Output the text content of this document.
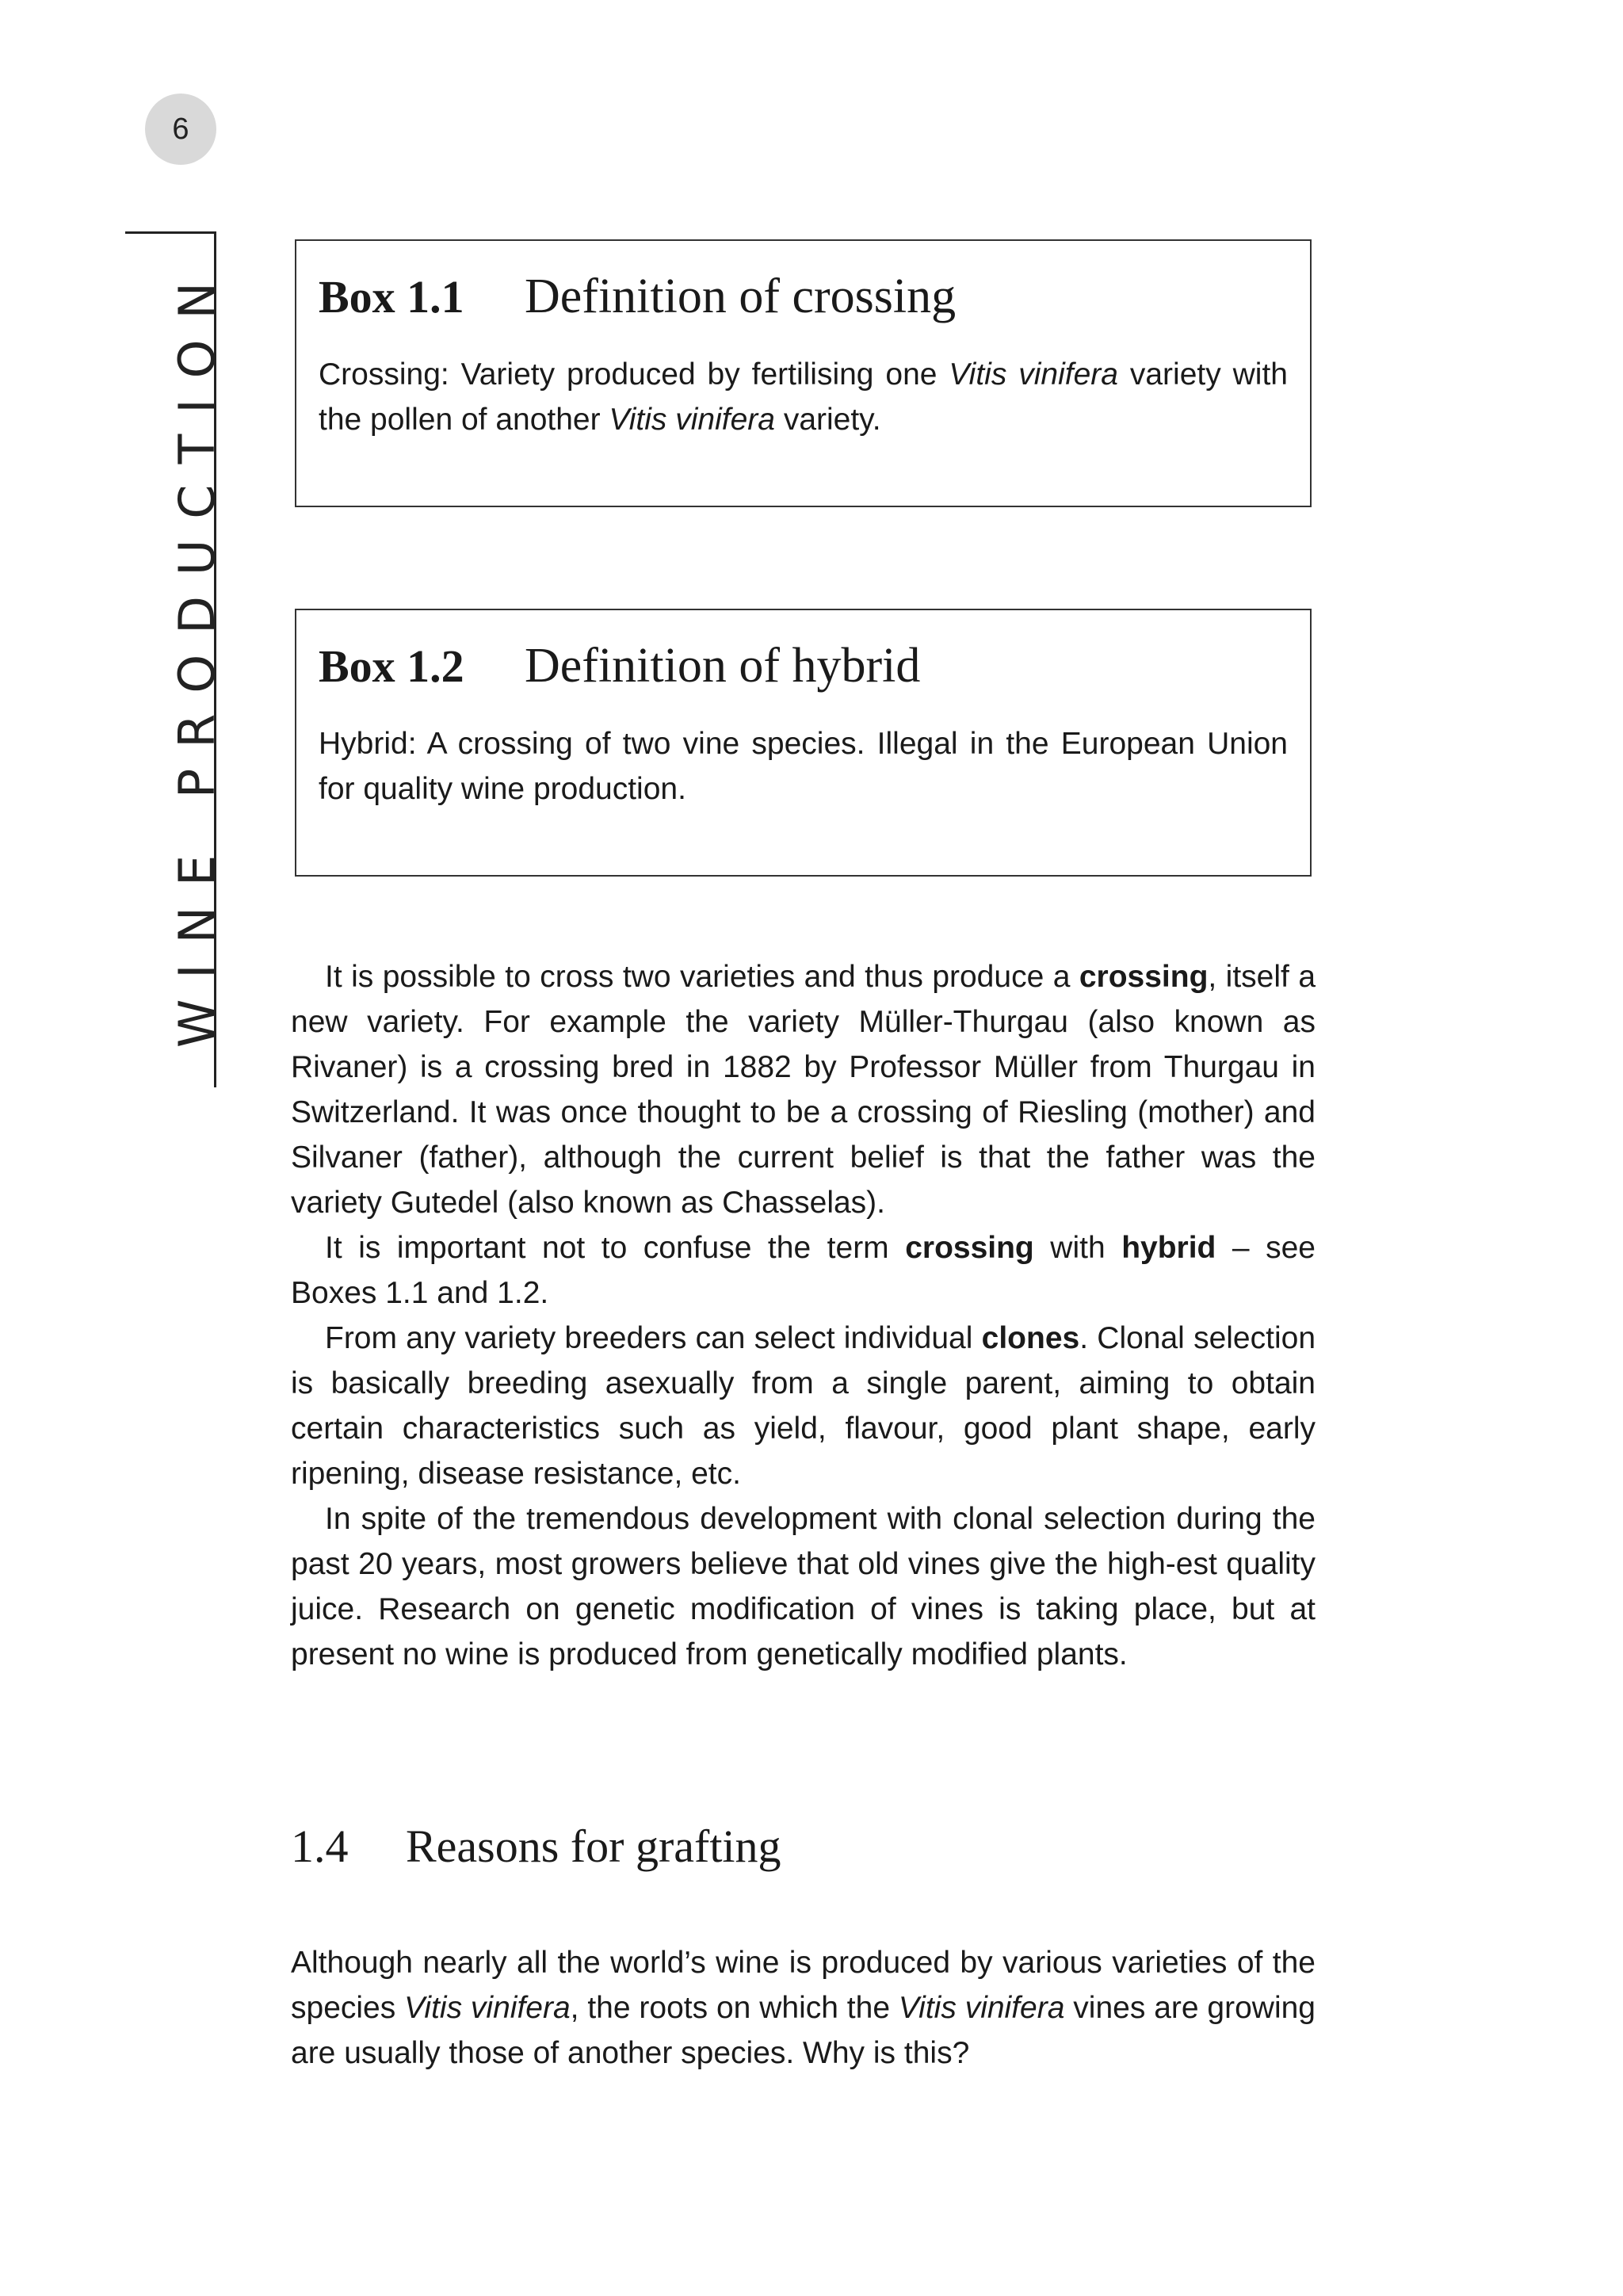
6
WINE PRODUCTION Box 1.1 Definition of crossing
Crossing: Variety produced by fertilising one Vitis vinifera variety with the pollen of another Vitis vinifera variety.
Box 1.2 Definition of hybrid
Hybrid: A crossing of two vine species. Illegal in the European Union for quality wine production.

It is possible to cross two varieties and thus produce a crossing, itself a new variety. For example the variety Müller-Thurgau (also known as Rivaner) is a crossing bred in 1882 by Professor Müller from Thurgau in Switzerland. It was once thought to be a crossing of Riesling (mother) and Silvaner (father), although the current belief is that the father was the variety Gutedel (also known as Chasselas).

It is important not to confuse the term crossing with hybrid – see Boxes 1.1 and 1.2.

From any variety breeders can select individual clones. Clonal selection is basically breeding asexually from a single parent, aiming to obtain certain characteristics such as yield, flavour, good plant shape, early ripening, disease resistance, etc.

In spite of the tremendous development with clonal selection during the past 20 years, most growers believe that old vines give the high-est quality juice. Research on genetic modification of vines is taking place, but at present no wine is produced from genetically modified plants.

1.4 Reasons for grafting

Although nearly all the world’s wine is produced by various varieties of the species Vitis vinifera, the roots on which the Vitis vinifera vines are growing are usually those of another species. Why is this?
